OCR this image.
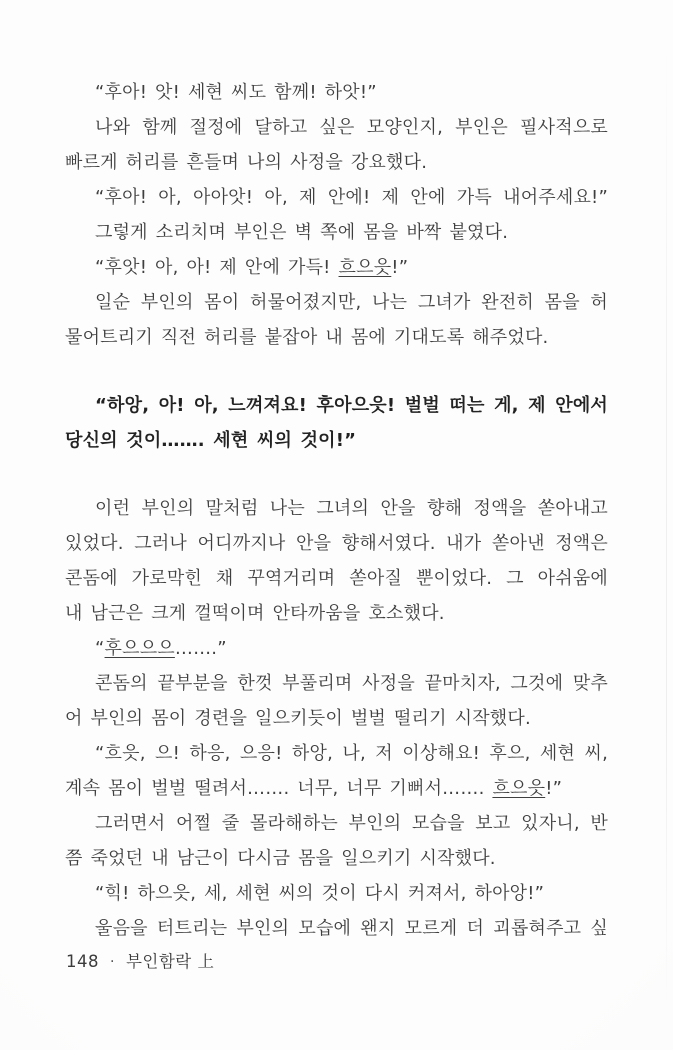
“후아! 앗! 세현 씨도 함께! 하앗!”
나와 함께 절정에 달하고 싶은 모양인지, 부인은 필사적으로
빠르게 허리를 흔들며 나의 사정을 강요했다.
“후아! 아, 아아앗! 아, 제 안에! 제 안에 가득 내어주세요!”
그렇게 소리치며 부인은 벽 쪽에 몸을 바짝 붙였다.
“후앗! 아, 아! 제 안에 가득! 흐으읏!”
일순 부인의 몸이 허물어졌지만, 나는 그녀가 완전히 몸을 허
물어트리기 직전 허리를 붙잡아 내 몸에 기대도록 해주었다.
“하앙, 아! 아, 느껴져요! 후아으읏! 벌벌 떠는 게, 제 안에서
당신의 것이……. 세현 씨의 것이!”
이런 부인의 말처럼 나는 그녀의 안을 향해 정액을 쏟아내고
있었다. 그러나 어디까지나 안을 향해서였다. 내가 쏟아낸 정액은
콘돔에 가로막힌 채 꾸역거리며 쏟아질 뿐이었다. 그 아쉬움에
내 남근은 크게 껄떡이며 안타까움을 호소했다.
“후으으으…….”
콘돔의 끝부분을 한껏 부풀리며 사정을 끝마치자, 그것에 맞추
어 부인의 몸이 경련을 일으키듯이 벌벌 떨리기 시작했다.
“흐읏, 으! 하응, 으응! 하앙, 나, 저 이상해요! 후으, 세현 씨,
계속 몸이 벌벌 떨려서……. 너무, 너무 기뻐서……. 흐으읏!”
그러면서 어쩔 줄 몰라해하는 부인의 모습을 보고 있자니, 반
쯤 죽었던 내 남근이 다시금 몸을 일으키기 시작했다.
“힉! 하으읏, 세, 세현 씨의 것이 다시 커져서, 하아앙!”
울음을 터트리는 부인의 모습에 왠지 모르게 더 괴롭혀주고 싶
148 · 부인함락 上
